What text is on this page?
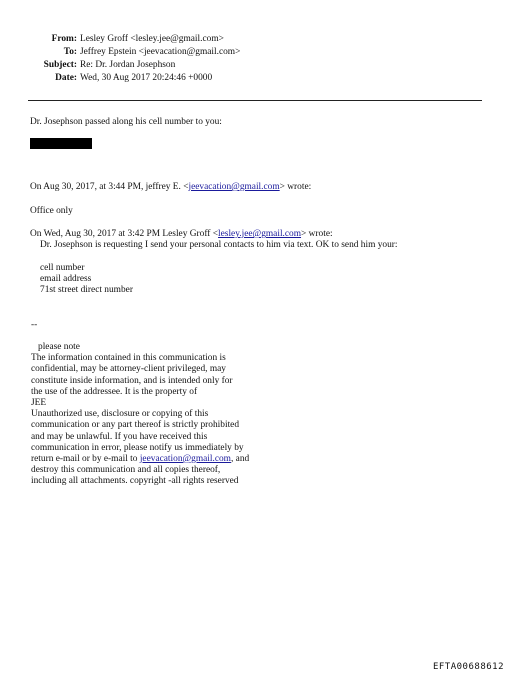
From: Lesley Groff <lesley.jee@gmail.com>
To: Jeffrey Epstein <jeevacation@gmail.com>
Subject: Re: Dr. Jordan Josephson
Date: Wed, 30 Aug 2017 20:24:46 +0000
Dr. Josephson passed along his cell number to you:
On Aug 30, 2017, at 3:44 PM, jeffrey E. <jeevacation@gmail.com> wrote:
Office only
On Wed, Aug 30, 2017 at 3:42 PM Lesley Groff <lesley.jee@gmail.com> wrote:
Dr. Josephson is requesting I send your personal contacts to him via text. OK to send him your:
cell number
email address
71st street direct number
--
please note
The information contained in this communication is
confidential, may be attorney-client privileged, may
constitute inside information, and is intended only for
the use of the addressee. It is the property of
JEE
Unauthorized use, disclosure or copying of this
communication or any part thereof is strictly prohibited
and may be unlawful. If you have received this
communication in error, please notify us immediately by
return e-mail or by e-mail to jeevacation@gmail.com, and
destroy this communication and all copies thereof,
including all attachments. copyright -all rights reserved
EFTA00688612
